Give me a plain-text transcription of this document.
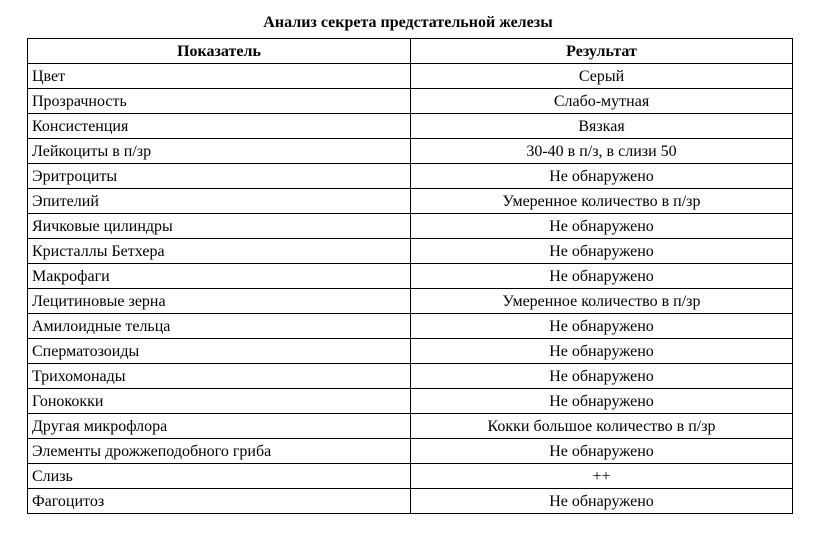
Анализ секрета предстательной железы
Показатель	Результат
Цвет	Серый
Прозрачность	Слабо-мутная
Консистенция	Вязкая
Лейкоциты в п/зр	30-40 в п/з, в слизи 50
Эритроциты	Не обнаружено
Эпителий	Умеренное количество в п/зр
Яичковые цилиндры	Не обнаружено
Кристаллы Бетхера	Не обнаружено
Макрофаги	Не обнаружено
Лецитиновые зерна	Умеренное количество в п/зр
Амилоидные тельца	Не обнаружено
Сперматозоиды	Не обнаружено
Трихомонады	Не обнаружено
Гонококки	Не обнаружено
Другая микрофлора	Кокки большое количество в п/зр
Элементы дрожжеподобного гриба	Не обнаружено
Слизь	++
Фагоцитоз	Не обнаружено
